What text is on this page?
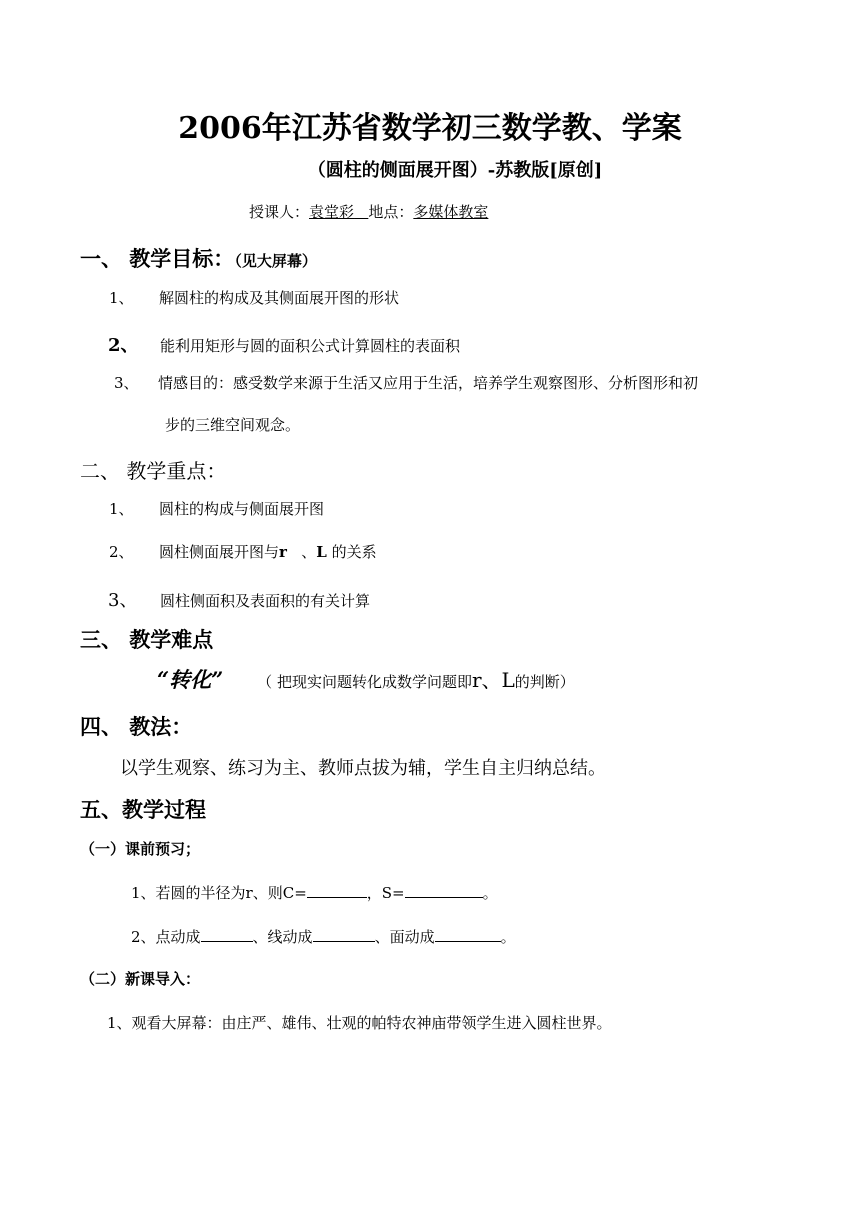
2006年江苏省数学初三数学教、学案
（圆柱的侧面展开图）-苏教版[原创]
授课人：袁堂彩 地点：多媒体教室
一、 教学目标：（见大屏幕）
1、 解圆柱的构成及其侧面展开图的形状
2、 能利用矩形与圆的面积公式计算圆柱的表面积
3、 情感目的：感受数学来源于生活又应用于生活，培养学生观察图形、分析图形和初
步的三维空间观念。
二、 教学重点：
1、 圆柱的构成与侧面展开图
2、 圆柱侧面展开图与r 、L 的关系
3、 圆柱侧面积及表面积的有关计算
三、 教学难点
“转化” （ 把现实问题转化成数学问题即r、L的判断）
四、 教法：
以学生观察、练习为主、教师点拔为辅，学生自主归纳总结。
五、教学过程
（一）课前预习；
1、若圆的半径为r、则C=	，S=	。
2、点动成	、线动成	、面动成	。
（二）新课导入：
1、观看大屏幕：由庄严、雄伟、壮观的帕特农神庙带领学生进入圆柱世界。
